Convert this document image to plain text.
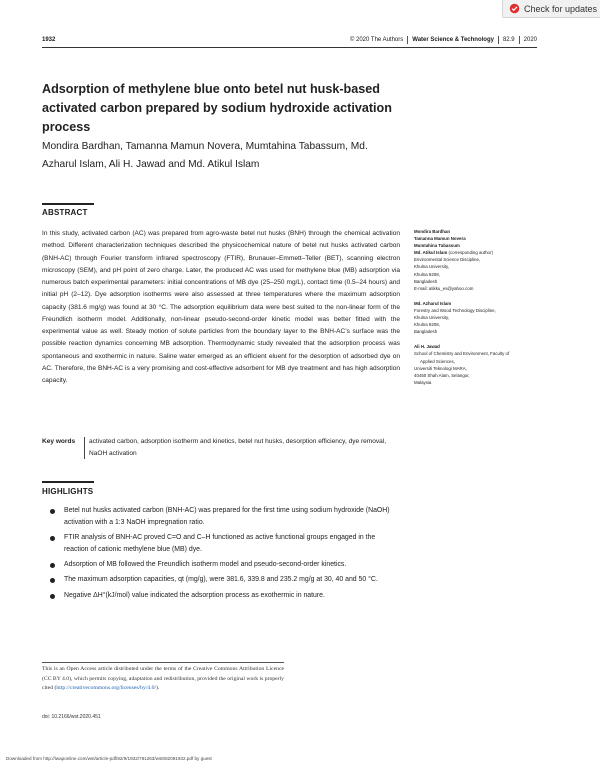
Check for updates
1932	© 2020 The Authors Water Science & Technology 82.9 2020
Adsorption of methylene blue onto betel nut husk-based activated carbon prepared by sodium hydroxide activation process
Mondira Bardhan, Tamanna Mamun Novera, Mumtahina Tabassum, Md. Azharul Islam, Ali H. Jawad and Md. Atikul Islam
ABSTRACT
In this study, activated carbon (AC) was prepared from agro-waste betel nut husks (BNH) through the chemical activation method. Different characterization techniques described the physicochemical nature of betel nut husks activated carbon (BNH-AC) through Fourier transform infrared spectroscopy (FTIR), Brunauer–Emmett–Teller (BET), scanning electron microscopy (SEM), and pH point of zero charge. Later, the produced AC was used for methylene blue (MB) adsorption via numerous batch experimental parameters: initial concentrations of MB dye (25–250 mg/L), contact time (0.5–24 hours) and initial pH (2–12). Dye adsorption isotherms were also assessed at three temperatures where the maximum adsorption capacity (381.6 mg/g) was found at 30 °C. The adsorption equilibrium data were best suited to the non-linear form of the Freundlich isotherm model. Additionally, non-linear pseudo-second-order kinetic model was better fitted with the experimental value as well. Steady motion of solute particles from the boundary layer to the BNH-AC’s surface was the possible reaction dynamics concerning MB adsorption. Thermodynamic study revealed that the adsorption process was spontaneous and exothermic in nature. Saline water emerged as an efficient eluent for the desorption of adsorbed dye on AC. Therefore, the BNH-AC is a very promising and cost-effective adsorbent for MB dye treatment and has high adsorption capacity.
Key words	activated carbon, adsorption isotherm and kinetics, betel nut husks, desorption efficiency, dye removal, NaOH activation
Mondira Bardhan
Tamanna Mamun Novera
Mumtahina Tabassum
Md. Atikul Islam (corresponding author)
Environmental Science Discipline,
Khulna University,
Khulna 9208,
Bangladesh
E-mail: atikku_es@yahoo.com
Md. Azharul Islam
Forestry and Wood Technology Discipline,
Khulna University,
Khulna 9208,
Bangladesh
Ali H. Jawad
School of Chemistry and Environment, Faculty of
Applied Sciences,
Universiti Teknologi MARA,
40450 Shah Alam, Selangor,
Malaysia
HIGHLIGHTS
Betel nut husks activated carbon (BNH-AC) was prepared for the first time using sodium hydroxide (NaOH) activation with a 1:3 NaOH impregnation ratio.
FTIR analysis of BNH-AC proved C=O and C–H functioned as active functional groups engaged in the reaction of cationic methylene blue (MB) dye.
Adsorption of MB followed the Freundlich isotherm model and pseudo-second-order kinetics.
The maximum adsorption capacities, qt (mg/g), were 381.6, 339.8 and 235.2 mg/g at 30, 40 and 50 °C.
Negative ΔH°(kJ/mol) value indicated the adsorption process as exothermic in nature.
This is an Open Access article distributed under the terms of the Creative Commons Attribution Licence (CC BY 4.0), which permits copying, adaptation and redistribution, provided the original work is properly cited (http://creativecommons.org/licenses/by/4.0/).
doi: 10.2166/wst.2020.451
Downloaded from http://iwaponline.com/wst/article-pdf/82/9/1932/781263/wst082091932.pdf by guest
